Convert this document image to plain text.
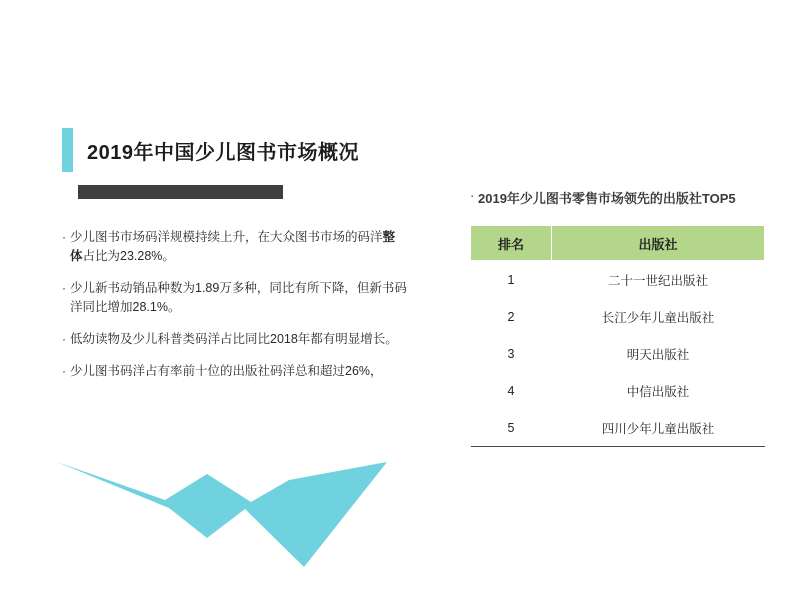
2019年中国少儿图书市场概况
· 少儿图书市场码洋规模持续上升，在大众图书市场的码洋整体占比为23.28%。
· 少儿新书动销品种数为1.89万多种，同比有所下降，但新书码洋同比增加28.1%。
· 低幼读物及少儿科普类码洋占比同比2018年都有明显增长。
· 少儿图书码洋占有率前十位的出版社码洋总和超过26%，
· 2019年少儿图书零售市场领先的出版社TOP5
排名	出版社
1	二十一世纪出版社
2	长江少年儿童出版社
3	明天出版社
4	中信出版社
5	四川少年儿童出版社
